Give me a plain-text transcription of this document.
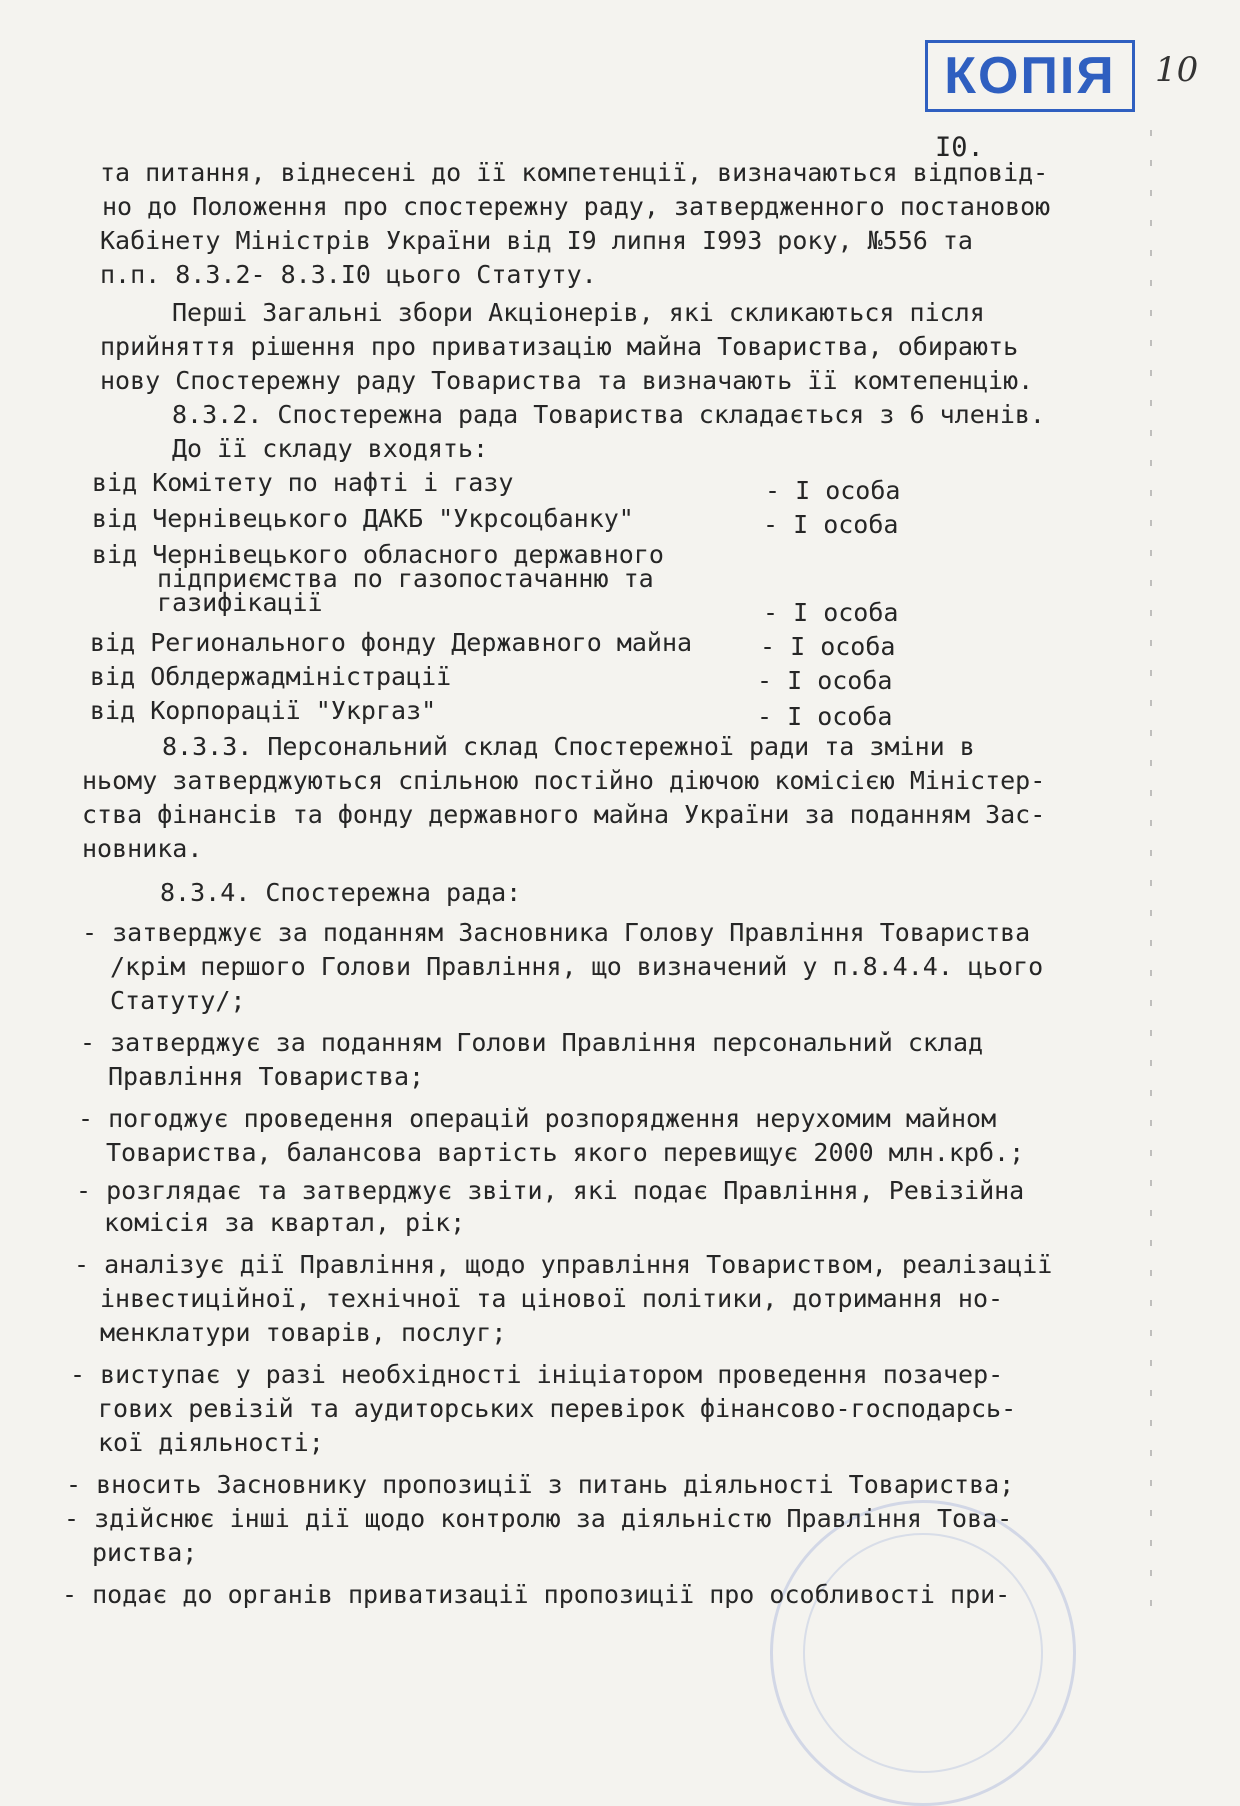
КОПІЯ 10
I0.
та питання, віднесені до її компетенції, визначаються відповід-
но до Положення про спостережну раду, затвердженного постановою
Кабінету Міністрів України від I9 липня I993 року, №556 та
п.п. 8.3.2- 8.3.I0 цього Статуту.
Перші Загальні збори Акціонерів, які скликаються після
прийняття рішення про приватизацію майна Товариства, обирають
нову Спостережну раду Товариства та визначають її комтепенцію.
8.3.2. Спостережна рада Товариства складається з 6 членів.
До її складу входять:
від Комітету по нафті і газу	- I особа
від Чернівецького ДАКБ "Укрсоцбанку"	- I особа
від Чернівецького обласного державного
підприємства по газопостачанню та
газифікації	- I особа
від Регионального фонду Державного майна	- I особа
від Облдержадміністрації	- I особа
від Корпорації "Укргаз"	- I особа
8.3.3. Персональний склад Спостережної ради та зміни в
ньому затверджуються спільною постійно діючою комісією Міністер-
ства фінансів та фонду державного майна України за поданням Зас-
новника.
8.3.4. Спостережна рада:
- затверджує за поданням Засновника Голову Правління Товариства
/крім першого Голови Правління, що визначений у п.8.4.4. цього
Статуту/;
- затверджує за поданням Голови Правління персональний склад
Правління Товариства;
- погоджує проведення операцій розпорядження нерухомим майном
Товариства, балансова вартість якого перевищує 2000 млн.крб.;
- розглядає та затверджує звіти, які подає Правління, Ревізійна
комісія за квартал, рік;
- аналізує дії Правління, щодо управління Товариством, реалізації
інвестиційної, технічної та цінової політики, дотримання но-
менклатури товарів, послуг;
- виступає у разі необхідності ініціатором проведення позачер-
гових ревізій та аудиторських перевірок фінансово-господарсь-
кої діяльності;
- вносить Засновнику пропозиції з питань діяльності Товариства;
- здійснює інші дії щодо контролю за діяльністю Правління Това-
риства;
- подає до органів приватизації пропозиції про особливості при-
